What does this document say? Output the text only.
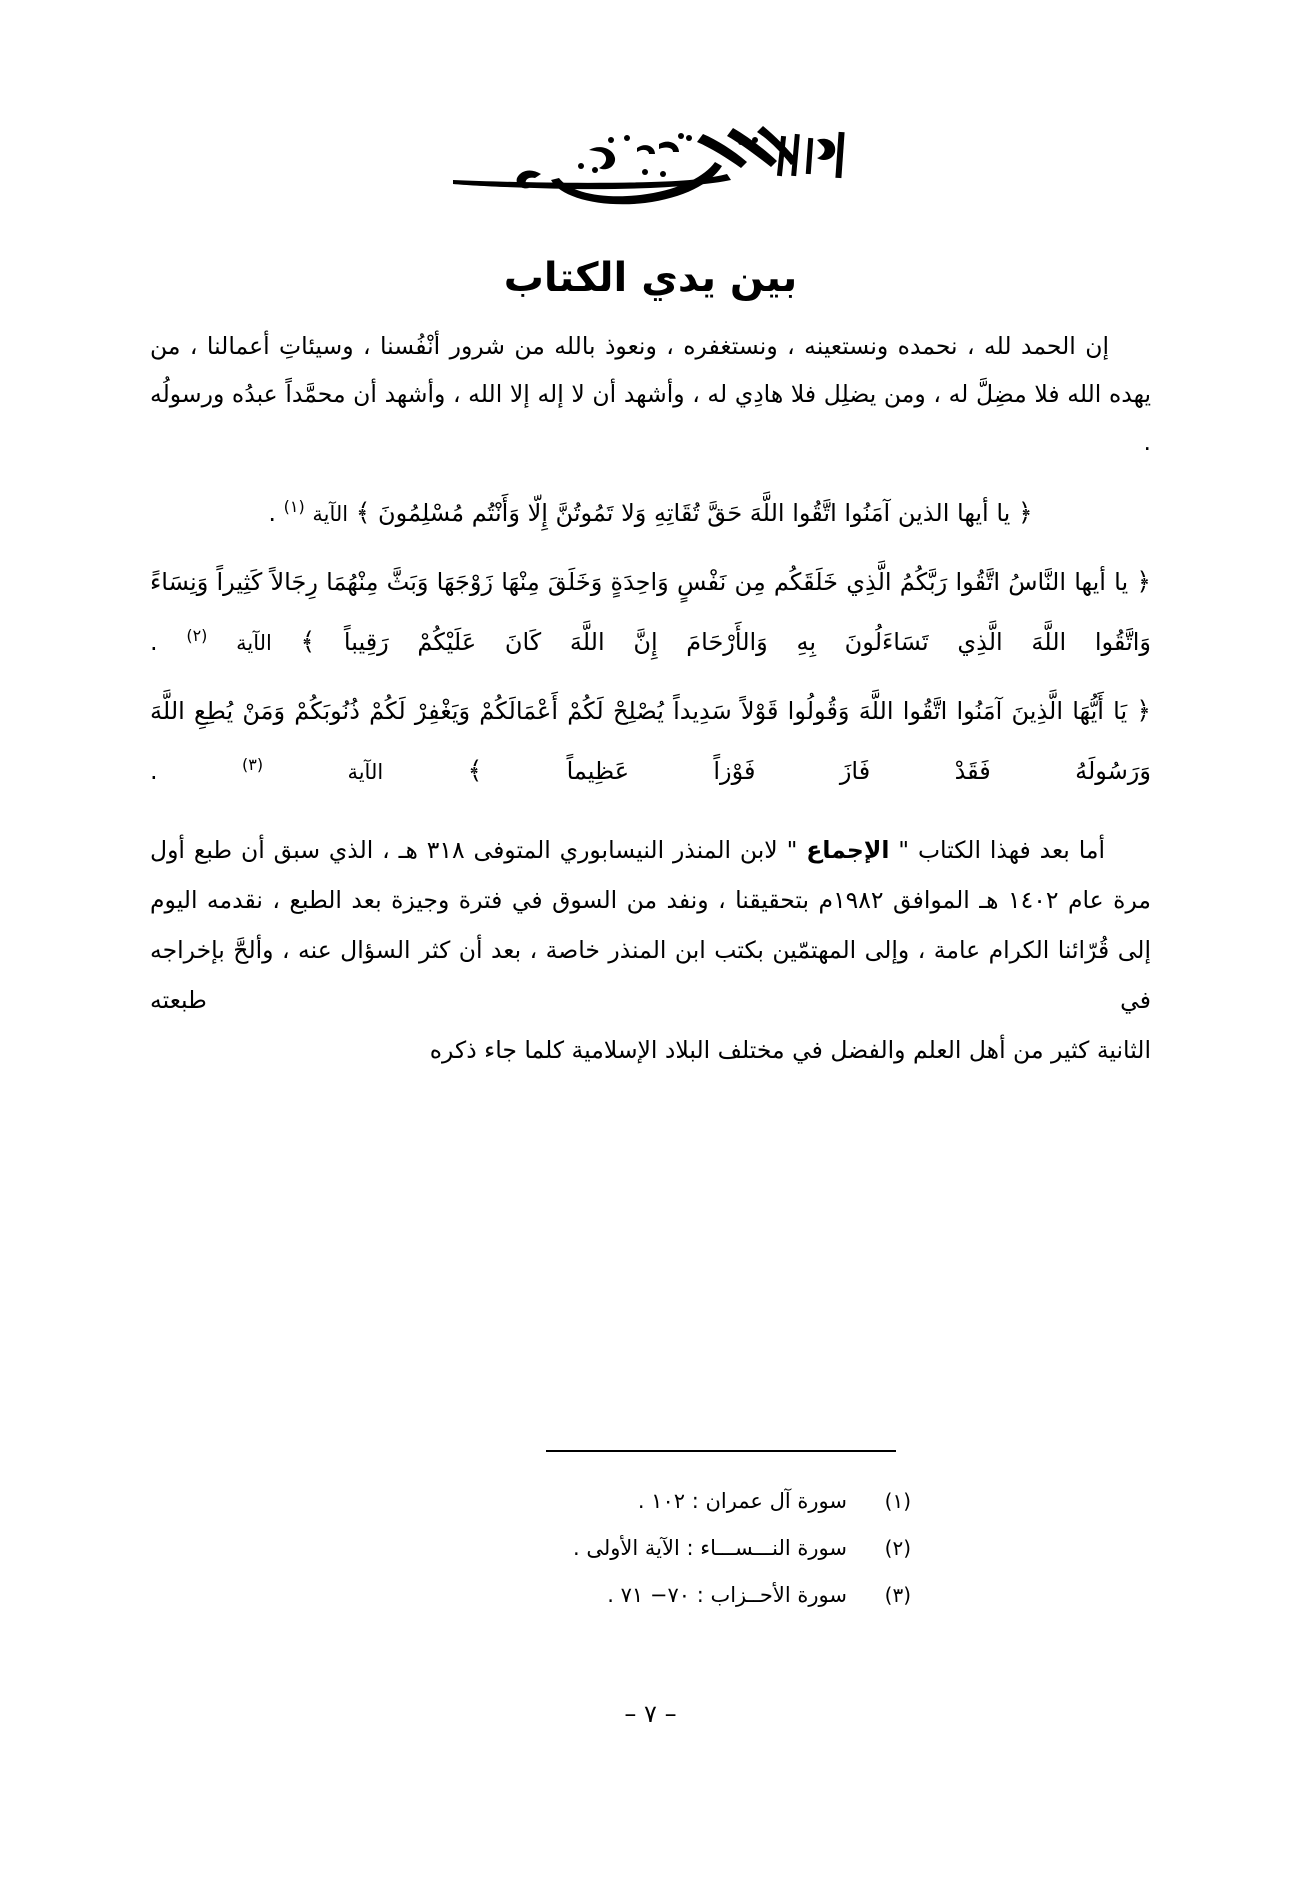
بين يدي الكتاب

إن الحمد لله ، نحمده ونستعينه ، ونستغفره ، ونعوذ بالله من شرور أنْفُسنا ، وسيئاتِ أعمالنا ، من يهده الله فلا مضِلَّ له ، ومن يضلِل فلا هادِي له ، وأشهد أن لا إله إلا الله ، وأشهد أن محمَّداً عبدُه ورسولُه .

﴿ يا أيها الذين آمَنُوا اتَّقُوا اللَّهَ حَقَّ تُقَاتِهِ وَلا تَمُوتُنَّ إِلّا وَأَنْتُم مُسْلِمُونَ ﴾ الآية $^{(١)}$ .

﴿ يا أيها النَّاسُ اتَّقُوا رَبَّكُمُ الَّذِي خَلَقَكُم مِن نَفْسٍ وَاحِدَةٍ وَخَلَقَ مِنْهَا زَوْجَهَا وَبَثَّ مِنْهُمَا رِجَالاً كَثِيراً وَنِسَاءً وَاتَّقُوا اللَّهَ الَّذِي تَسَاءَلُونَ بِهِ وَالأَرْحَامَ إِنَّ اللَّهَ كَانَ عَلَيْكُمْ رَقِيباً ﴾ الآية $^{(٢)}$ .

﴿ يَا أَيُّهَا الَّذِينَ آمَنُوا اتَّقُوا اللَّهَ وَقُولُوا قَوْلاً سَدِيداً يُصْلِحْ لَكُمْ أَعْمَالَكُمْ وَيَغْفِرْ لَكُمْ ذُنُوبَكُمْ وَمَنْ يُطِعِ اللَّهَ وَرَسُولَهُ فَقَدْ فَازَ فَوْزاً عَظِيماً ﴾ الآية $^{(٣)}$ .

أما بعد فهذا الكتاب " الإجماع " لابن المنذر النيسابوري المتوفى ٣١٨ هـ ، الذي سبق أن طبع أول مرة عام ١٤٠٢ هـ الموافق ١٩٨٢م بتحقيقنا ، ونفد من السوق في فترة وجيزة بعد الطبع ، نقدمه اليوم إلى قُرّائنا الكرام عامة ، وإلى المهتمّين بكتب ابن المنذر خاصة ، بعد أن كثر السؤال عنه ، وألحَّ بإخراجه في طبعته

الثانية كثير من أهل العلم والفضل في مختلف البلاد الإسلامية كلما جاء ذكره

(١)
سورة آل عمران : ١٠٢ .
(٢)
سورة النـــســـاء : الآية الأولى .
(٣)
سورة الأحــزاب : ٧٠− ٧١ .
– ٧ –
